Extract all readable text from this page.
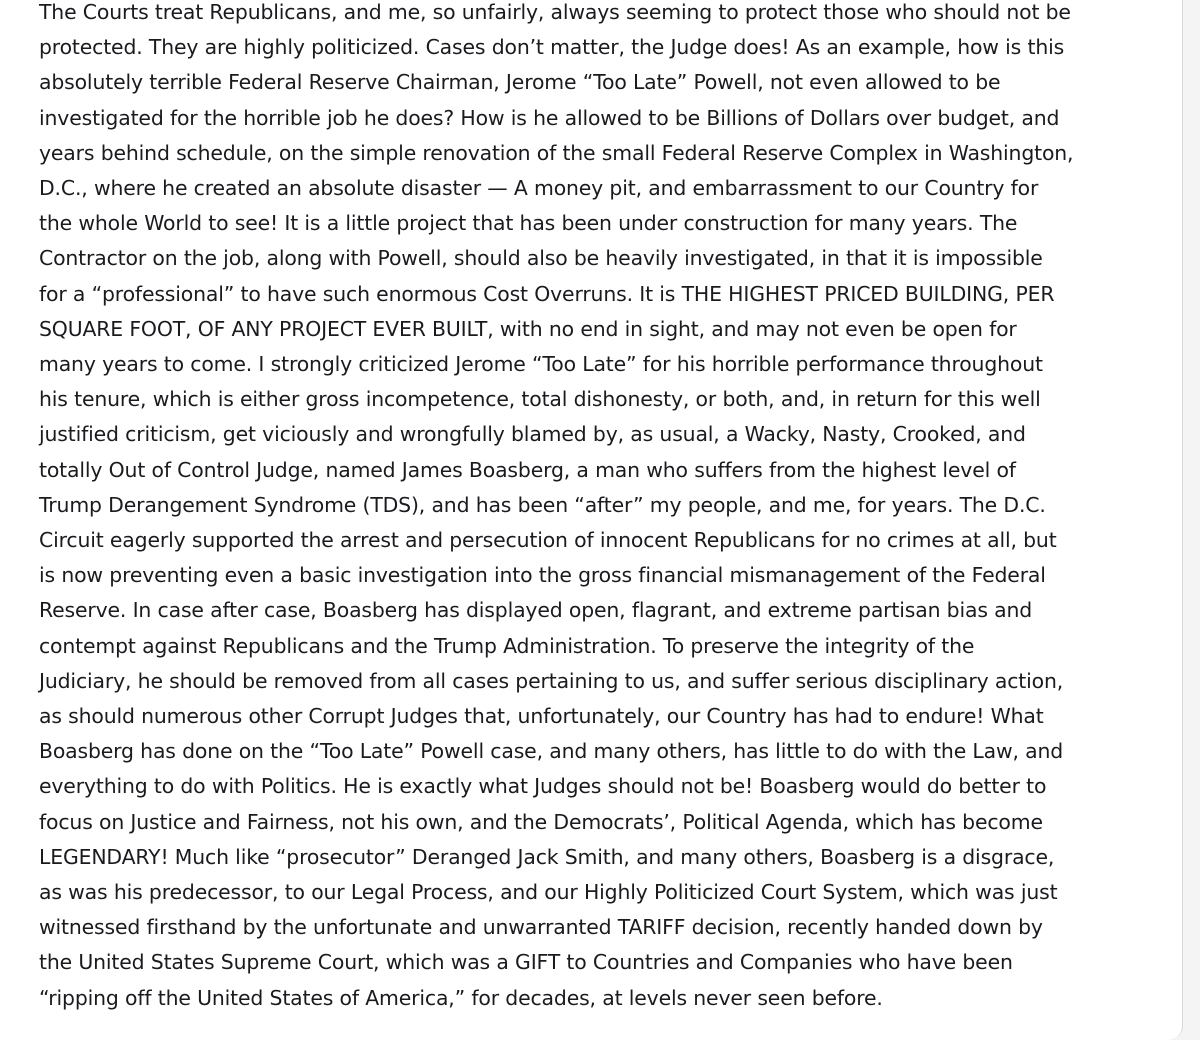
The Courts treat Republicans, and me, so unfairly, always seeming to protect those who should not be
protected. They are highly politicized. Cases don’t matter, the Judge does! As an example, how is this
absolutely terrible Federal Reserve Chairman, Jerome “Too Late” Powell, not even allowed to be
investigated for the horrible job he does? How is he allowed to be Billions of Dollars over budget, and
years behind schedule, on the simple renovation of the small Federal Reserve Complex in Washington,
D.C., where he created an absolute disaster — A money pit, and embarrassment to our Country for
the whole World to see! It is a little project that has been under construction for many years. The
Contractor on the job, along with Powell, should also be heavily investigated, in that it is impossible
for a “professional” to have such enormous Cost Overruns. It is THE HIGHEST PRICED BUILDING, PER
SQUARE FOOT, OF ANY PROJECT EVER BUILT, with no end in sight, and may not even be open for
many years to come. I strongly criticized Jerome “Too Late” for his horrible performance throughout
his tenure, which is either gross incompetence, total dishonesty, or both, and, in return for this well
justified criticism, get viciously and wrongfully blamed by, as usual, a Wacky, Nasty, Crooked, and
totally Out of Control Judge, named James Boasberg, a man who suffers from the highest level of
Trump Derangement Syndrome (TDS), and has been “after” my people, and me, for years. The D.C.
Circuit eagerly supported the arrest and persecution of innocent Republicans for no crimes at all, but
is now preventing even a basic investigation into the gross financial mismanagement of the Federal
Reserve. In case after case, Boasberg has displayed open, flagrant, and extreme partisan bias and
contempt against Republicans and the Trump Administration. To preserve the integrity of the
Judiciary, he should be removed from all cases pertaining to us, and suffer serious disciplinary action,
as should numerous other Corrupt Judges that, unfortunately, our Country has had to endure! What
Boasberg has done on the “Too Late” Powell case, and many others, has little to do with the Law, and
everything to do with Politics. He is exactly what Judges should not be! Boasberg would do better to
focus on Justice and Fairness, not his own, and the Democrats’, Political Agenda, which has become
LEGENDARY! Much like “prosecutor” Deranged Jack Smith, and many others, Boasberg is a disgrace,
as was his predecessor, to our Legal Process, and our Highly Politicized Court System, which was just
witnessed firsthand by the unfortunate and unwarranted TARIFF decision, recently handed down by
the United States Supreme Court, which was a GIFT to Countries and Companies who have been
“ripping off the United States of America,” for decades, at levels never seen before.
